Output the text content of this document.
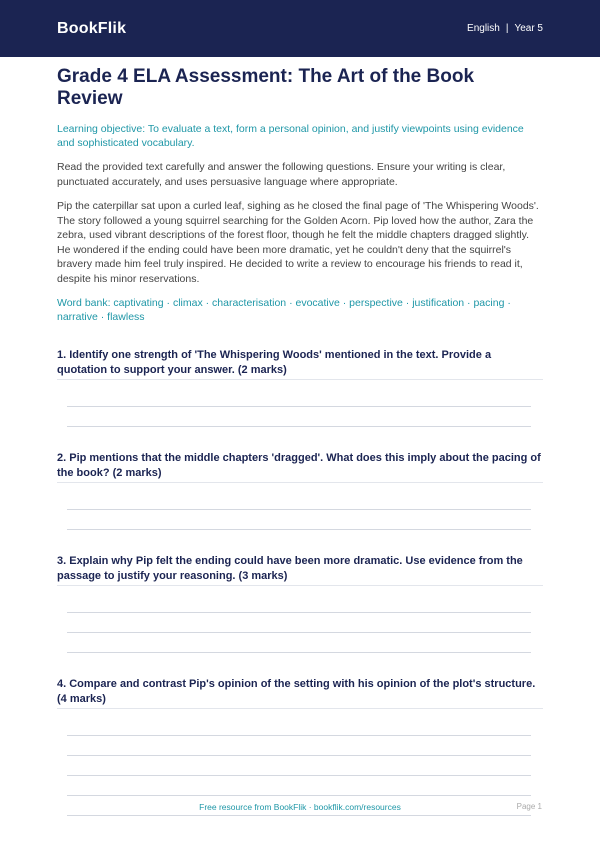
BookFlik	English | Year 5
Grade 4 ELA Assessment: The Art of the Book Review
Learning objective: To evaluate a text, form a personal opinion, and justify viewpoints using evidence and sophisticated vocabulary.
Read the provided text carefully and answer the following questions. Ensure your writing is clear, punctuated accurately, and uses persuasive language where appropriate.
Pip the caterpillar sat upon a curled leaf, sighing as he closed the final page of 'The Whispering Woods'. The story followed a young squirrel searching for the Golden Acorn. Pip loved how the author, Zara the zebra, used vibrant descriptions of the forest floor, though he felt the middle chapters dragged slightly. He wondered if the ending could have been more dramatic, yet he couldn't deny that the squirrel's bravery made him feel truly inspired. He decided to write a review to encourage his friends to read it, despite his minor reservations.
Word bank: captivating · climax · characterisation · evocative · perspective · justification · pacing · narrative · flawless
1. Identify one strength of 'The Whispering Woods' mentioned in the text. Provide a quotation to support your answer. (2 marks)
2. Pip mentions that the middle chapters 'dragged'. What does this imply about the pacing of the book? (2 marks)
3. Explain why Pip felt the ending could have been more dramatic. Use evidence from the passage to justify your reasoning. (3 marks)
4. Compare and contrast Pip's opinion of the setting with his opinion of the plot's structure. (4 marks)
Free resource from BookFlik · bookflik.com/resources	Page 1
